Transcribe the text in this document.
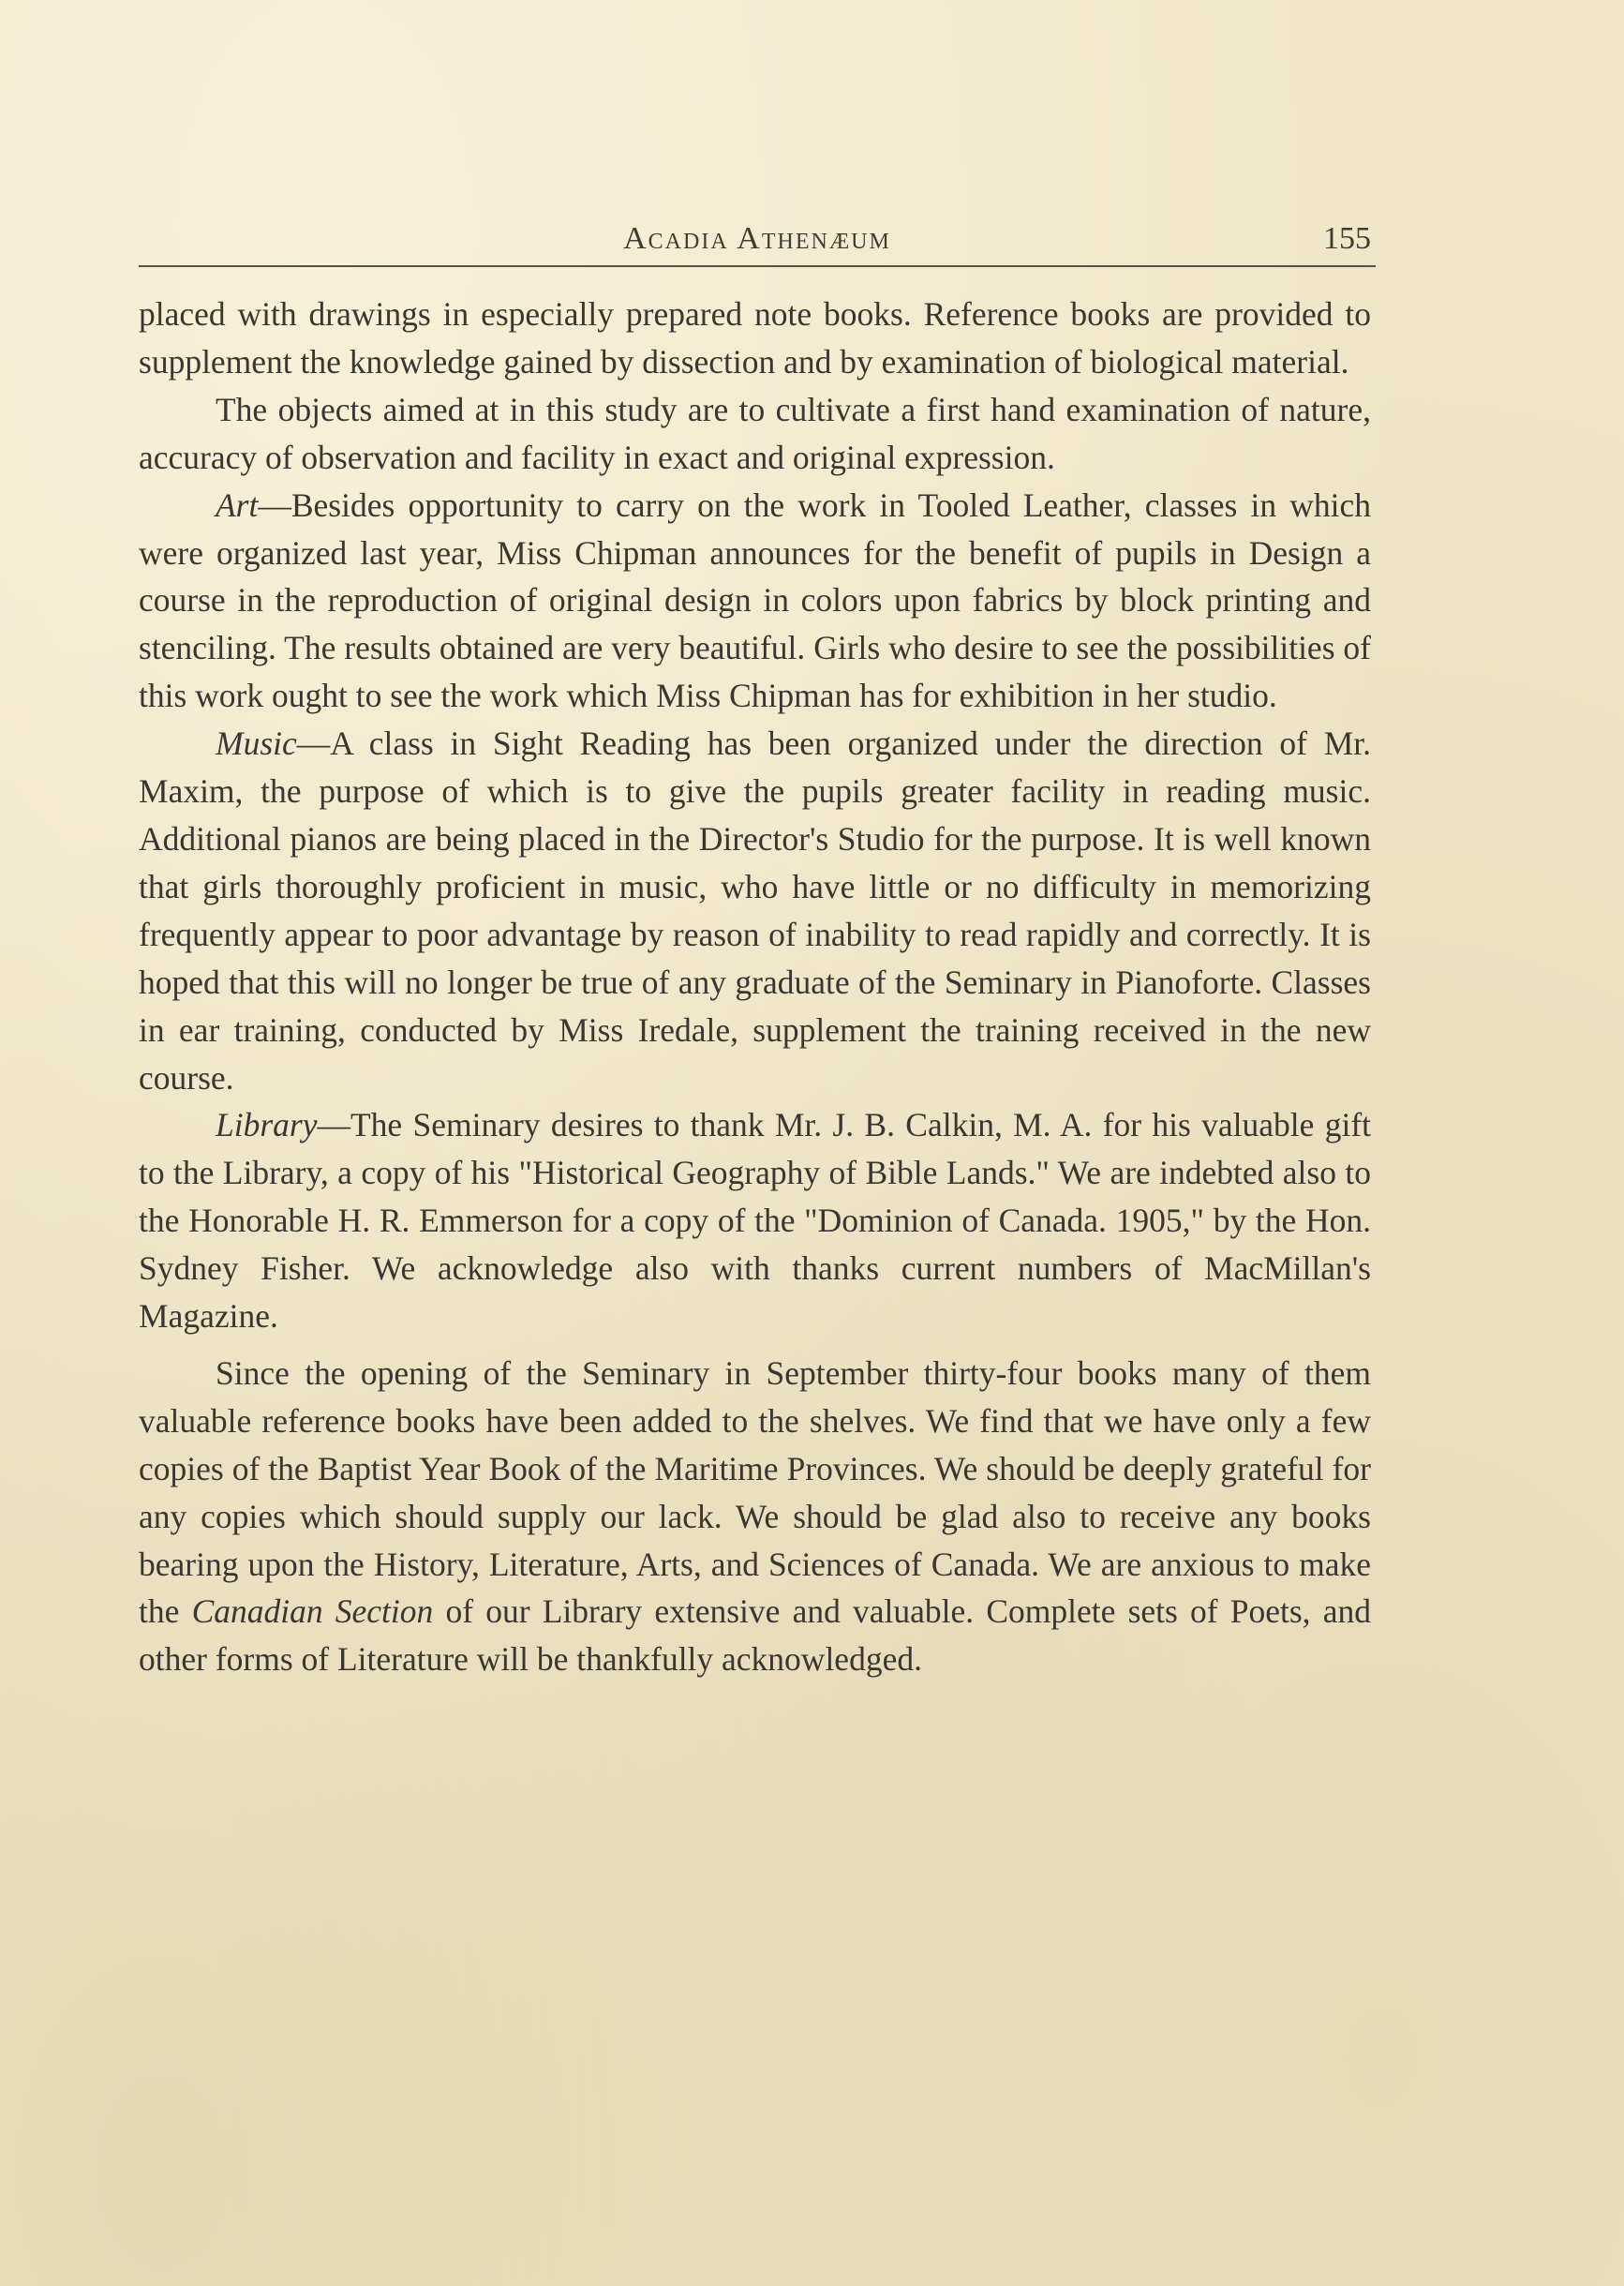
Acadia Athenæum	155

placed with drawings in especially prepared note books. Reference books are provided to supplement the knowledge gained by dissection and by examination of biological material.

The objects aimed at in this study are to cultivate a first hand examination of nature, accuracy of observation and facility in exact and original expression.

Art—Besides opportunity to carry on the work in Tooled Leather, classes in which were organized last year, Miss Chipman announces for the benefit of pupils in Design a course in the reproduction of original design in colors upon fabrics by block printing and stenciling. The results obtained are very beautiful. Girls who desire to see the possibilities of this work ought to see the work which Miss Chipman has for exhibition in her studio.

Music—A class in Sight Reading has been organized under the direction of Mr. Maxim, the purpose of which is to give the pupils greater facility in reading music. Additional pianos are being placed in the Director's Studio for the purpose. It is well known that girls thoroughly proficient in music, who have little or no difficulty in memorizing frequently appear to poor advantage by reason of inability to read rapidly and correctly. It is hoped that this will no longer be true of any graduate of the Seminary in Pianoforte. Classes in ear training, conducted by Miss Iredale, supplement the training received in the new course.

Library—The Seminary desires to thank Mr. J. B. Calkin, M. A. for his valuable gift to the Library, a copy of his "Historical Geography of Bible Lands." We are indebted also to the Honorable H. R. Emmerson for a copy of the "Dominion of Canada. 1905," by the Hon. Sydney Fisher. We acknowledge also with thanks current numbers of MacMillan's Magazine.

Since the opening of the Seminary in September thirty-four books many of them valuable reference books have been added to the shelves. We find that we have only a few copies of the Baptist Year Book of the Maritime Provinces. We should be deeply grateful for any copies which should supply our lack. We should be glad also to receive any books bearing upon the History, Literature, Arts, and Sciences of Canada. We are anxious to make the Canadian Section of our Library extensive and valuable. Complete sets of Poets, and other forms of Literature will be thankfully acknowledged.
